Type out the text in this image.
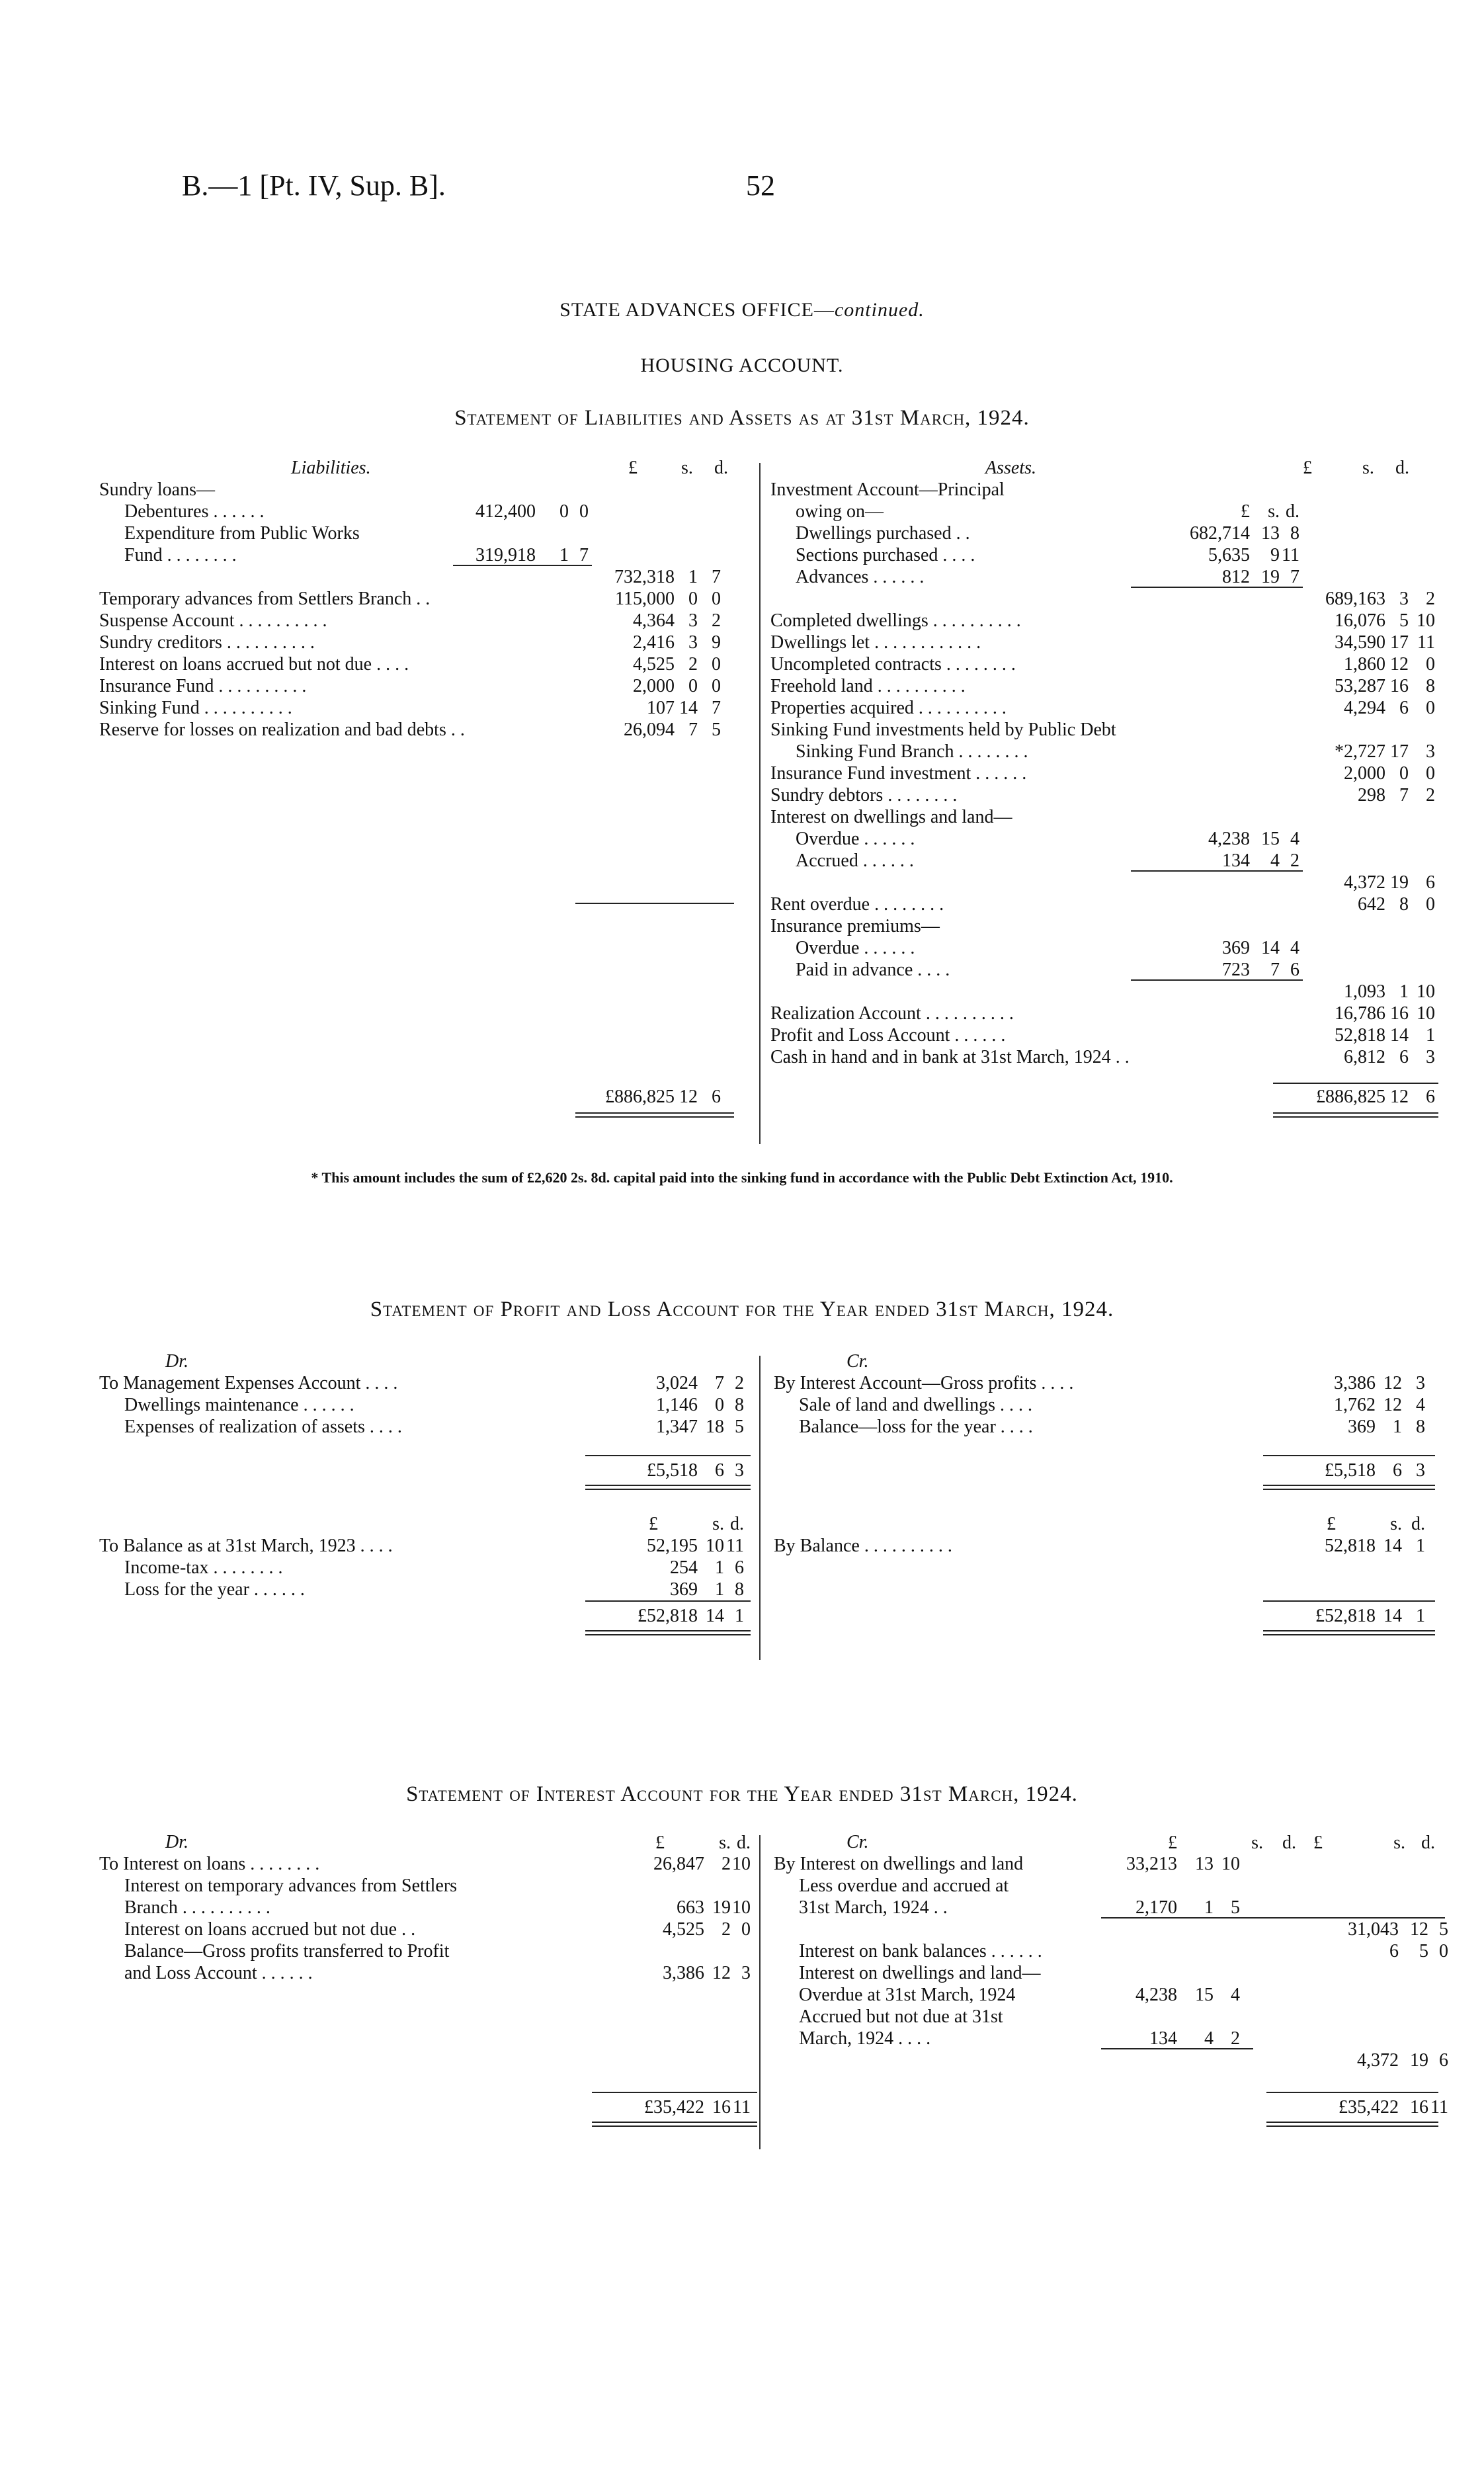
B.—1 [Pt. IV, Sup. B].	52
STATE ADVANCES OFFICE—continued.
HOUSING ACCOUNT.
Statement of Liabilities and Assets as at 31st March, 1924.
Liabilities.	£ s. d.	Assets.	£	s. d.
Sundry loans—
Debentures . . . . . .	412,400	0 0
Expenditure from Public Works
Fund . . . . . . . .	319,918	1 7
732,318 1 7
Temporary advances from Settlers Branch . .	115,000 0 0
Suspense Account . . . . . . . . . .	4,364 3 2
Sundry creditors . . . . . . . . . .	2,416 3 9
Interest on loans accrued but not due . . . .	4,525 2 0
Insurance Fund . . . . . . . . . .	2,000 0 0
Sinking Fund . . . . . . . . . .	107 14 7
Reserve for losses on realization and bad debts . .	26,094 7 5
£886,825 12 6
Investment Account—Principal
owing on—	£ s. d.
Dwellings purchased . .	682,714 13 8
Sections purchased . . . .	5,635	9 11
Advances . . . . . .	812 19 7
689,163 3 2
Completed dwellings . . . . . . . . . .	16,076 5 10
Dwellings let . . . . . . . . . . . .	34,590 17 11
Uncompleted contracts . . . . . . . .	1,860 12 0
Freehold land . . . . . . . . . .	53,287 16 8
Properties acquired . . . . . . . . . .	4,294 6 0
Sinking Fund investments held by Public Debt
Sinking Fund Branch . . . . . . . .	*2,727 17 3
Insurance Fund investment . . . . . .	2,000 0 0
Sundry debtors . . . . . . . .	298 7 2
Interest on dwellings and land—
Overdue . . . . . .	4,238 15 4
Accrued . . . . . .	134	4 2
4,372 19 6
Rent overdue . . . . . . . .	642 8 0
Insurance premiums—
Overdue . . . . . .	369 14 4
Paid in advance . . . .	723	7 6
1,093 1 10
Realization Account . . . . . . . . . .	16,786 16 10
Profit and Loss Account . . . . . .	52,818 14 1
Cash in hand and in bank at 31st March, 1924 . .	6,812 6 3
£886,825 12 6
* This amount includes the sum of £2,620 2s. 8d. capital paid into the sinking fund in accordance with the Public Debt Extinction Act, 1910.
Statement of Profit and Loss Account for the Year ended 31st March, 1924.
Dr.	Cr.
To Management Expenses Account . . . .	3,024 7 2
Dwellings maintenance . . . . . .	1,146 0 8
Expenses of realization of assets . . . .	1,347 18 5
£5,518 6 3
By Interest Account—Gross profits . . . .	3,386 12 3
Sale of land and dwellings . . . .	1,762 12 4
Balance—loss for the year . . . .	369 1 8
£5,518 6 3
£	s. d.	£	s. d.
To Balance as at 31st March, 1923 . . . .	52,195 10 11
Income-tax . . . . . . . .	254 1 6
Loss for the year . . . . . .	369 1 8
£52,818 14 1
By Balance . . . . . . . . . .	52,818 14 1
£52,818 14 1
Statement of Interest Account for the Year ended 31st March, 1924.
Dr.	Cr.
£	s. d.	£	s.	d. £	s. d.
To Interest on loans . . . . . . . .	26,847 2 10
Interest on temporary advances from Settlers
Branch . . . . . . . . . .	663 19 10
Interest on loans accrued but not due . .	4,525 2 0
Balance—Gross profits transferred to Profit
and Loss Account . . . . . .	3,386 12 3
By Interest on dwellings and land	33,213 13 10
Less overdue and accrued at
31st March, 1924 . .	2,170	1 5
31,043 12 5
Interest on bank balances . . . . . .	6	5 0
Interest on dwellings and land—
Overdue at 31st March, 1924	4,238 15 4
Accrued but not due at 31st
March, 1924 . . . .	134	4 2
4,372 19 6
£35,422 16 11	£35,422 16 11
